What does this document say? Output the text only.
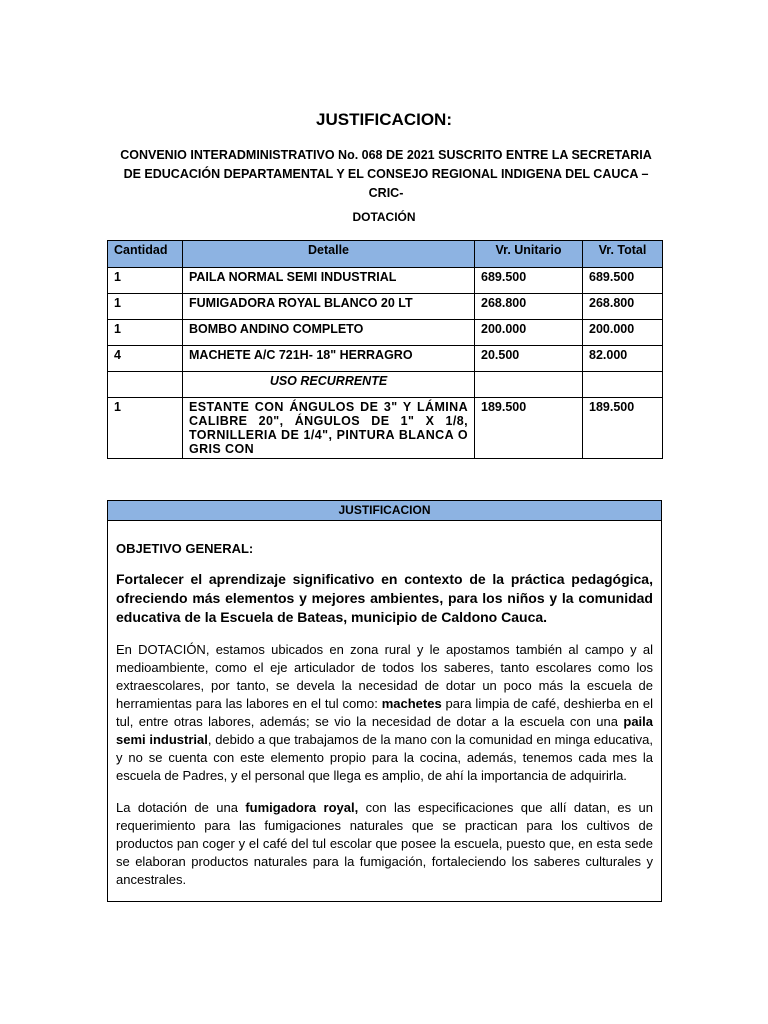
JUSTIFICACION:
CONVENIO INTERADMINISTRATIVO No. 068 DE 2021 SUSCRITO ENTRE LA SECRETARIA DE EDUCACIÓN DEPARTAMENTAL Y EL CONSEJO REGIONAL INDIGENA DEL CAUCA – CRIC-
DOTACIÓN
Cantidad	Detalle	Vr. Unitario	Vr. Total
1	PAILA NORMAL SEMI INDUSTRIAL	689.500	689.500
1	FUMIGADORA ROYAL BLANCO 20 LT	268.800	268.800
1	BOMBO ANDINO COMPLETO	200.000	200.000
4	MACHETE A/C 721H- 18" HERRAGRO	20.500	82.000
	USO RECURRENTE		
1	ESTANTE CON ÁNGULOS DE 3" Y LÁMINA CALIBRE 20", ÁNGULOS DE 1" X 1/8, TORNILLERIA DE 1/4", PINTURA BLANCA O GRIS CON	189.500	189.500
JUSTIFICACION
OBJETIVO GENERAL:
Fortalecer el aprendizaje significativo en contexto de la práctica pedagógica, ofreciendo más elementos y mejores ambientes, para los niños y la comunidad educativa de la Escuela de Bateas, municipio de Caldono Cauca.
En DOTACIÓN, estamos ubicados en zona rural y le apostamos también al campo y al medioambiente, como el eje articulador de todos los saberes, tanto escolares como los extraescolares, por tanto, se devela la necesidad de dotar un poco más la escuela de herramientas para las labores en el tul como: machetes para limpia de café, deshierba en el tul, entre otras labores, además; se vio la necesidad de dotar a la escuela con una paila semi industrial, debido a que trabajamos de la mano con la comunidad en minga educativa, y no se cuenta con este elemento propio para la cocina, además, tenemos cada mes la escuela de Padres, y el personal que llega es amplio, de ahí la importancia de adquirirla.
La dotación de una fumigadora royal, con las especificaciones que allí datan, es un requerimiento para las fumigaciones naturales que se practican para los cultivos de productos pan coger y el café del tul escolar que posee la escuela, puesto que, en esta sede se elaboran productos naturales para la fumigación, fortaleciendo los saberes culturales y ancestrales.
